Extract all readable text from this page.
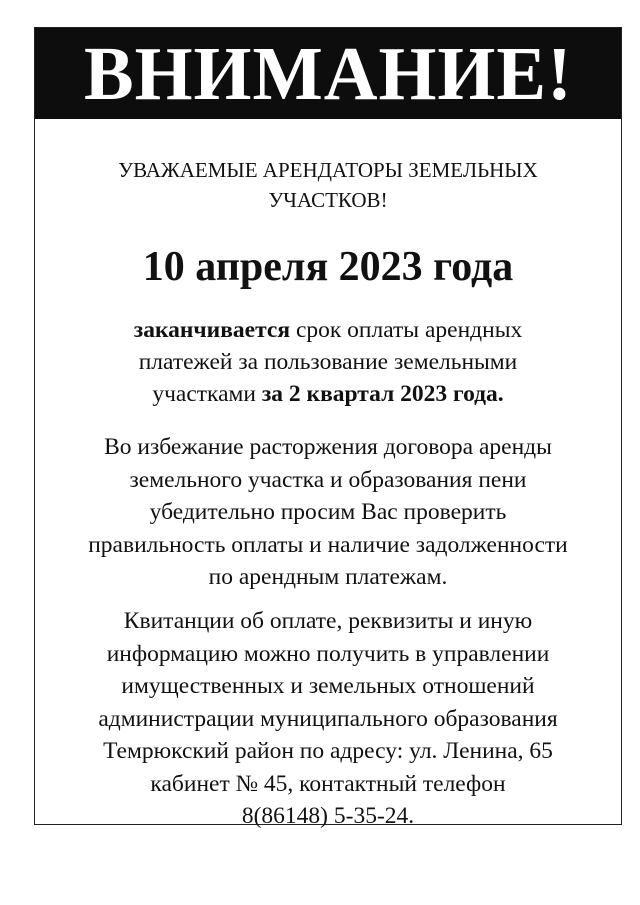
ВНИМАНИЕ!
УВАЖАЕМЫЕ АРЕНДАТОРЫ ЗЕМЕЛЬНЫХ
УЧАСТКОВ!
10 апреля 2023 года
заканчивается срок оплаты арендных
платежей за пользование земельными
участками за 2 квартал 2023 года.
Во избежание расторжения договора аренды
земельного участка и образования пени
убедительно просим Вас проверить
правильность оплаты и наличие задолженности
по арендным платежам.
Квитанции об оплате, реквизиты и иную
информацию можно получить в управлении
имущественных и земельных отношений
администрации муниципального образования
Темрюкский район по адресу: ул. Ленина, 65
кабинет № 45, контактный телефон
8(86148) 5-35-24.
